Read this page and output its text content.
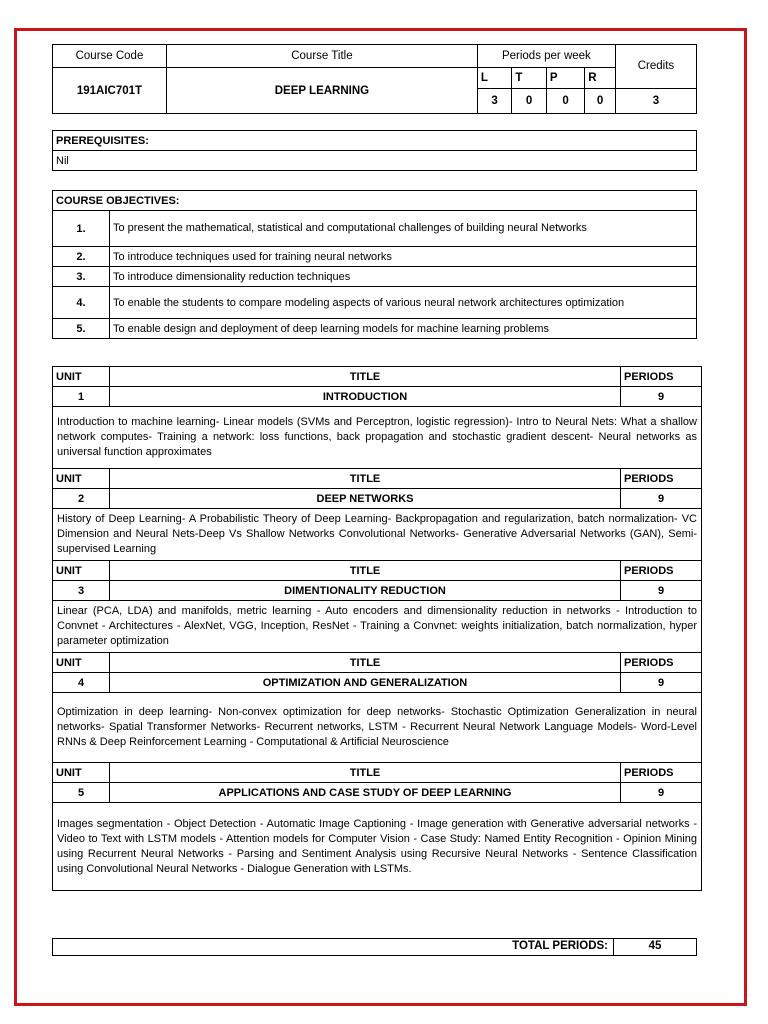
Course Code	Course Title	Periods per week				Credits
191AIC701T	DEEP LEARNING	L	T	P	R	
		3	0	0	0	3
PREREQUISITES:
Nil
COURSE OBJECTIVES:	
1.	To present the mathematical, statistical and computational challenges of building neural Networks
2.	To introduce techniques used for training neural networks
3.	To introduce dimensionality reduction techniques
4.	To enable the students to compare modeling aspects of various neural network architectures optimization
5.	To enable design and deployment of deep learning models for machine learning problems
UNIT	TITLE	PERIODS
1	INTRODUCTION	9
Introduction to machine learning- Linear models (SVMs and Perceptron, logistic regression)- Intro to Neural Nets: What a shallow network computes- Training a network: loss functions, back propagation and stochastic gradient descent- Neural networks as universal function approximates		
UNIT	TITLE	PERIODS
2	DEEP NETWORKS	9
History of Deep Learning- A Probabilistic Theory of Deep Learning- Backpropagation and regularization, batch normalization- VC Dimension and Neural Nets-Deep Vs Shallow Networks Convolutional Networks- Generative Adversarial Networks (GAN), Semi-supervised Learning		
UNIT	TITLE	PERIODS
3	DIMENTIONALITY REDUCTION	9
Linear (PCA, LDA) and manifolds, metric learning - Auto encoders and dimensionality reduction in networks - Introduction to Convnet - Architectures - AlexNet, VGG, Inception, ResNet - Training a Convnet: weights initialization, batch normalization, hyper parameter optimization		
UNIT	TITLE	PERIODS
4	OPTIMIZATION AND GENERALIZATION	9
Optimization in deep learning- Non-convex optimization for deep networks- Stochastic Optimization Generalization in neural networks- Spatial Transformer Networks- Recurrent networks, LSTM - Recurrent Neural Network Language Models- Word-Level RNNs & Deep Reinforcement Learning - Computational & Artificial Neuroscience		
UNIT	TITLE	PERIODS
5	APPLICATIONS AND CASE STUDY OF DEEP LEARNING	9
Images segmentation - Object Detection - Automatic Image Captioning - Image generation with Generative adversarial networks - Video to Text with LSTM models - Attention models for Computer Vision - Case Study: Named Entity Recognition - Opinion Mining using Recurrent Neural Networks - Parsing and Sentiment Analysis using Recursive Neural Networks - Sentence Classification using Convolutional Neural Networks - Dialogue Generation with LSTMs.		
TOTAL PERIODS:	45
